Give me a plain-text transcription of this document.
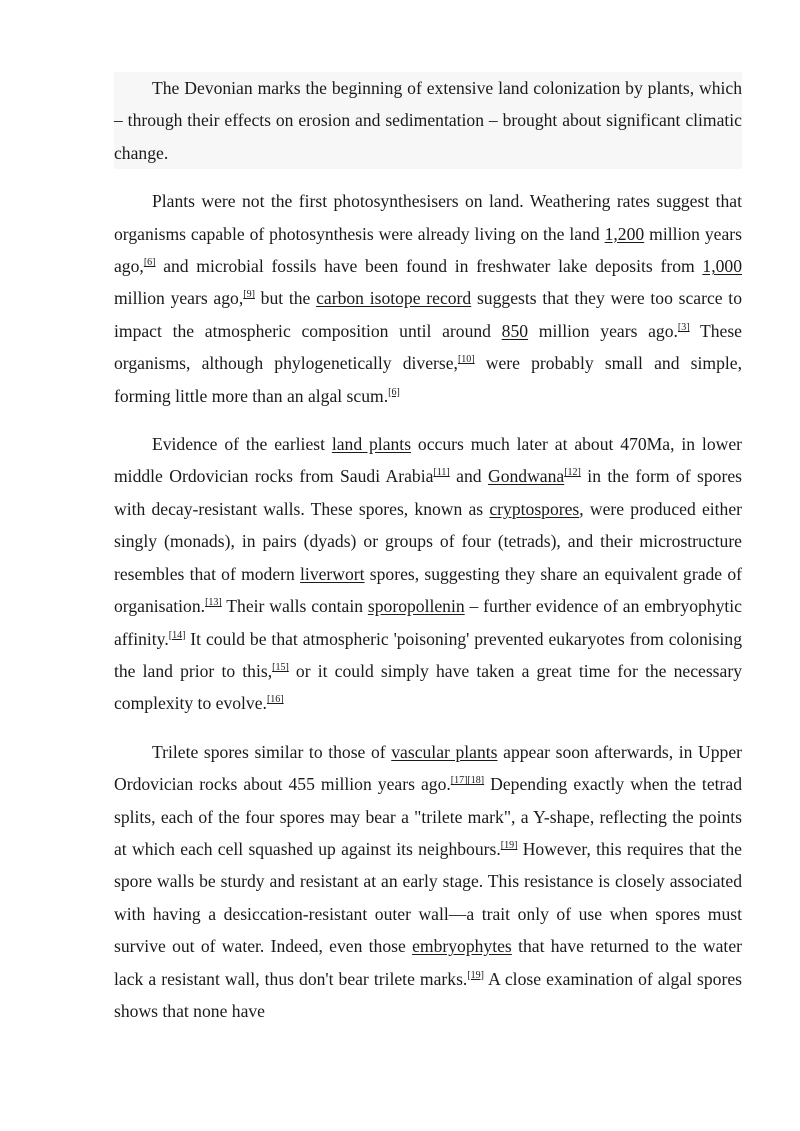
The Devonian marks the beginning of extensive land colonization by plants, which – through their effects on erosion and sedimentation – brought about significant climatic change.

Plants were not the first photosynthesisers on land. Weathering rates suggest that organisms capable of photosynthesis were already living on the land 1,200 million years ago,[6] and microbial fossils have been found in freshwater lake deposits from 1,000 million years ago,[9] but the carbon isotope record suggests that they were too scarce to impact the atmospheric composition until around 850 million years ago.[3] These organisms, although phylogenetically diverse,[10] were probably small and simple, forming little more than an algal scum.[6]

Evidence of the earliest land plants occurs much later at about 470Ma, in lower middle Ordovician rocks from Saudi Arabia[11] and Gondwana[12] in the form of spores with decay-resistant walls. These spores, known as cryptospores, were produced either singly (monads), in pairs (dyads) or groups of four (tetrads), and their microstructure resembles that of modern liverwort spores, suggesting they share an equivalent grade of organisation.[13] Their walls contain sporopollenin – further evidence of an embryophytic affinity.[14] It could be that atmospheric 'poisoning' prevented eukaryotes from colonising the land prior to this,[15] or it could simply have taken a great time for the necessary complexity to evolve.[16]

Trilete spores similar to those of vascular plants appear soon afterwards, in Upper Ordovician rocks about 455 million years ago.[17][18] Depending exactly when the tetrad splits, each of the four spores may bear a "trilete mark", a Y-shape, reflecting the points at which each cell squashed up against its neighbours.[19] However, this requires that the spore walls be sturdy and resistant at an early stage. This resistance is closely associated with having a desiccation-resistant outer wall—a trait only of use when spores must survive out of water. Indeed, even those embryophytes that have returned to the water lack a resistant wall, thus don't bear trilete marks.[19] A close examination of algal spores shows that none have
